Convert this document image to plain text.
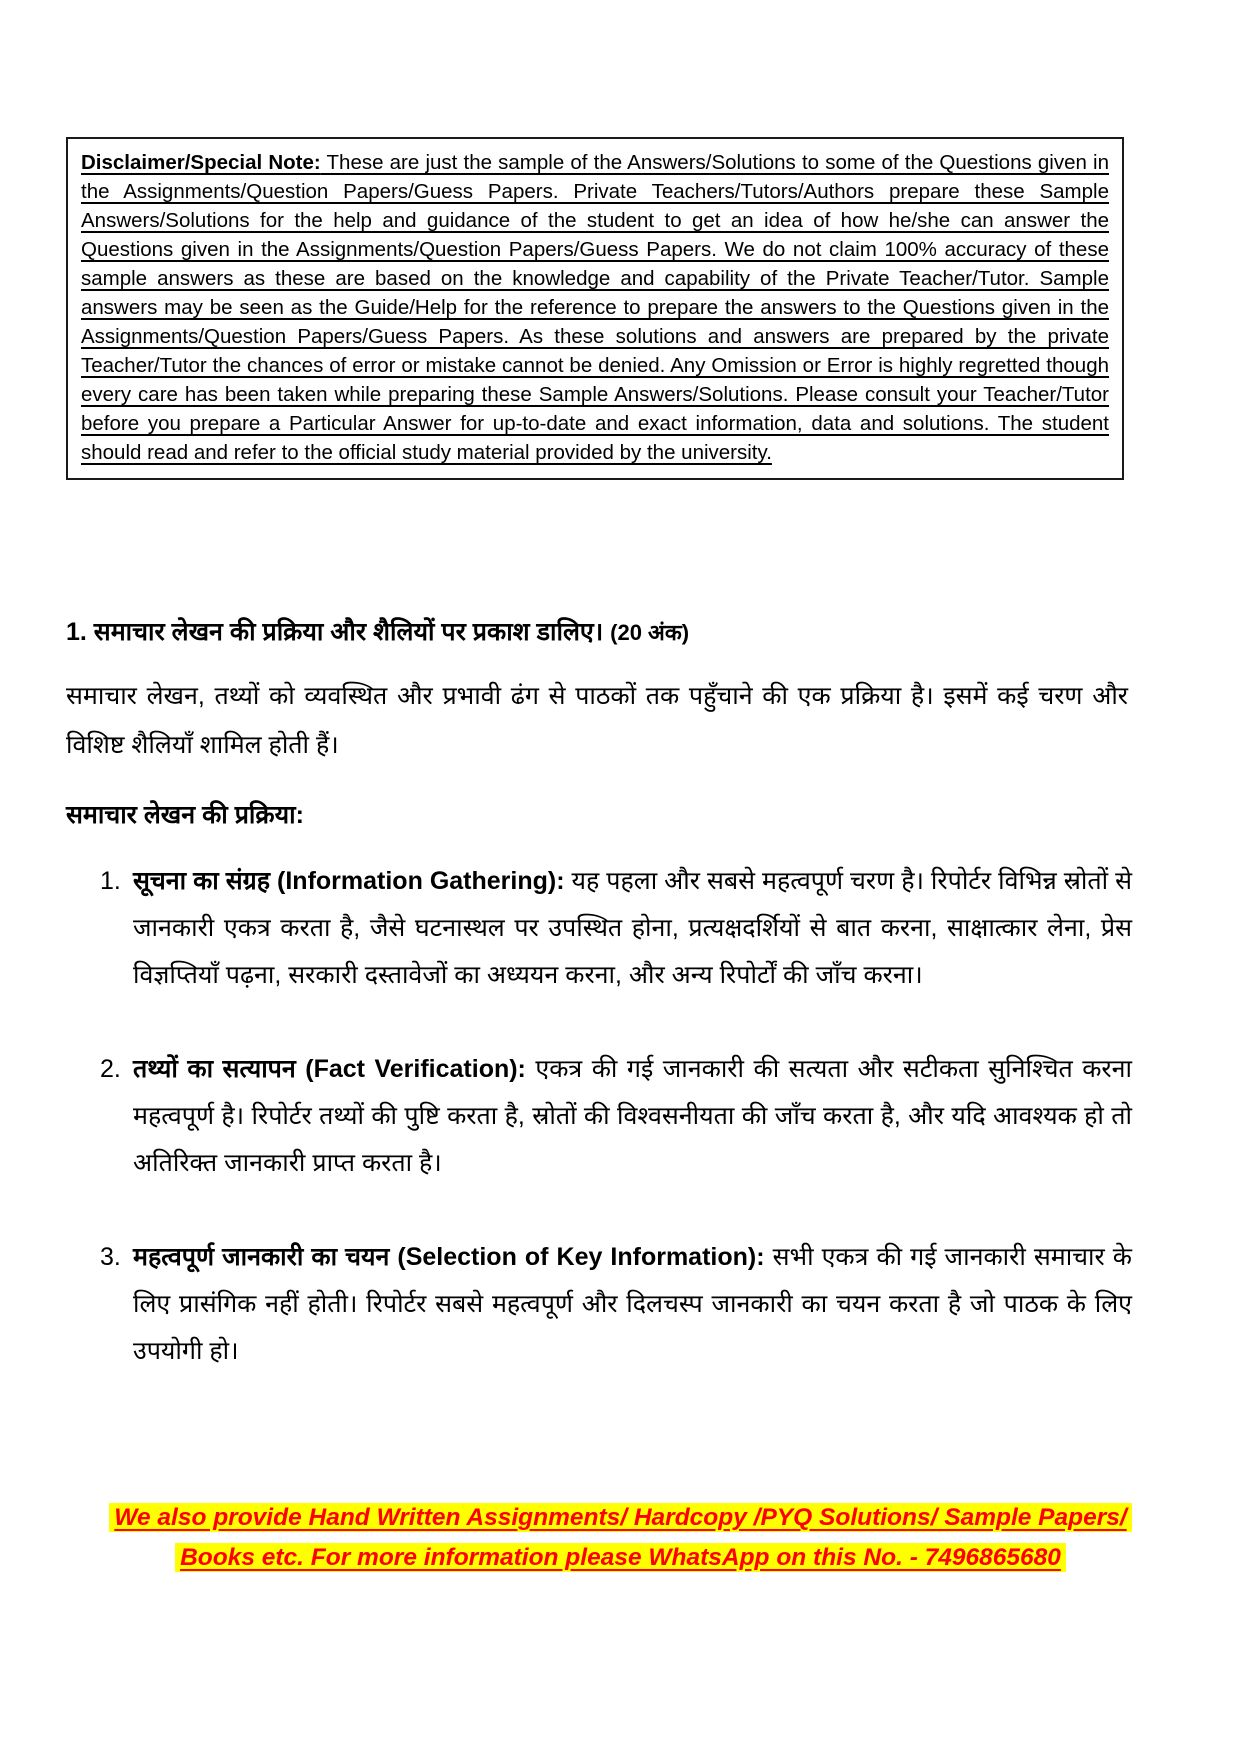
Disclaimer/Special Note: These are just the sample of the Answers/Solutions to some of the Questions given in the Assignments/Question Papers/Guess Papers. Private Teachers/Tutors/Authors prepare these Sample Answers/Solutions for the help and guidance of the student to get an idea of how he/she can answer the Questions given in the Assignments/Question Papers/Guess Papers. We do not claim 100% accuracy of these sample answers as these are based on the knowledge and capability of the Private Teacher/Tutor. Sample answers may be seen as the Guide/Help for the reference to prepare the answers to the Questions given in the Assignments/Question Papers/Guess Papers. As these solutions and answers are prepared by the private Teacher/Tutor the chances of error or mistake cannot be denied. Any Omission or Error is highly regretted though every care has been taken while preparing these Sample Answers/Solutions. Please consult your Teacher/Tutor before you prepare a Particular Answer for up-to-date and exact information, data and solutions. The student should read and refer to the official study material provided by the university.

1. समाचार लेखन की प्रक्रिया और शैलियों पर प्रकाश डालिए। (20 अंक)

समाचार लेखन, तथ्यों को व्यवस्थित और प्रभावी ढंग से पाठकों तक पहुँचाने की एक प्रक्रिया है। इसमें कई चरण और विशिष्ट शैलियाँ शामिल होती हैं।

समाचार लेखन की प्रक्रिया:
1. सूचना का संग्रह (Information Gathering): यह पहला और सबसे महत्वपूर्ण चरण है। रिपोर्टर विभिन्न स्रोतों से जानकारी एकत्र करता है, जैसे घटनास्थल पर उपस्थित होना, प्रत्यक्षदर्शियों से बात करना, साक्षात्कार लेना, प्रेस विज्ञप्तियाँ पढ़ना, सरकारी दस्तावेजों का अध्ययन करना, और अन्य रिपोर्टों की जाँच करना।
2. तथ्यों का सत्यापन (Fact Verification): एकत्र की गई जानकारी की सत्यता और सटीकता सुनिश्चित करना महत्वपूर्ण है। रिपोर्टर तथ्यों की पुष्टि करता है, स्रोतों की विश्वसनीयता की जाँच करता है, और यदि आवश्यक हो तो अतिरिक्त जानकारी प्राप्त करता है।
3. महत्वपूर्ण जानकारी का चयन (Selection of Key Information): सभी एकत्र की गई जानकारी समाचार के लिए प्रासंगिक नहीं होती। रिपोर्टर सबसे महत्वपूर्ण और दिलचस्प जानकारी का चयन करता है जो पाठक के लिए उपयोगी हो।
We also provide Hand Written Assignments/ Hardcopy /PYQ Solutions/ Sample Papers/
Books etc. For more information please WhatsApp on this No. - 7496865680
